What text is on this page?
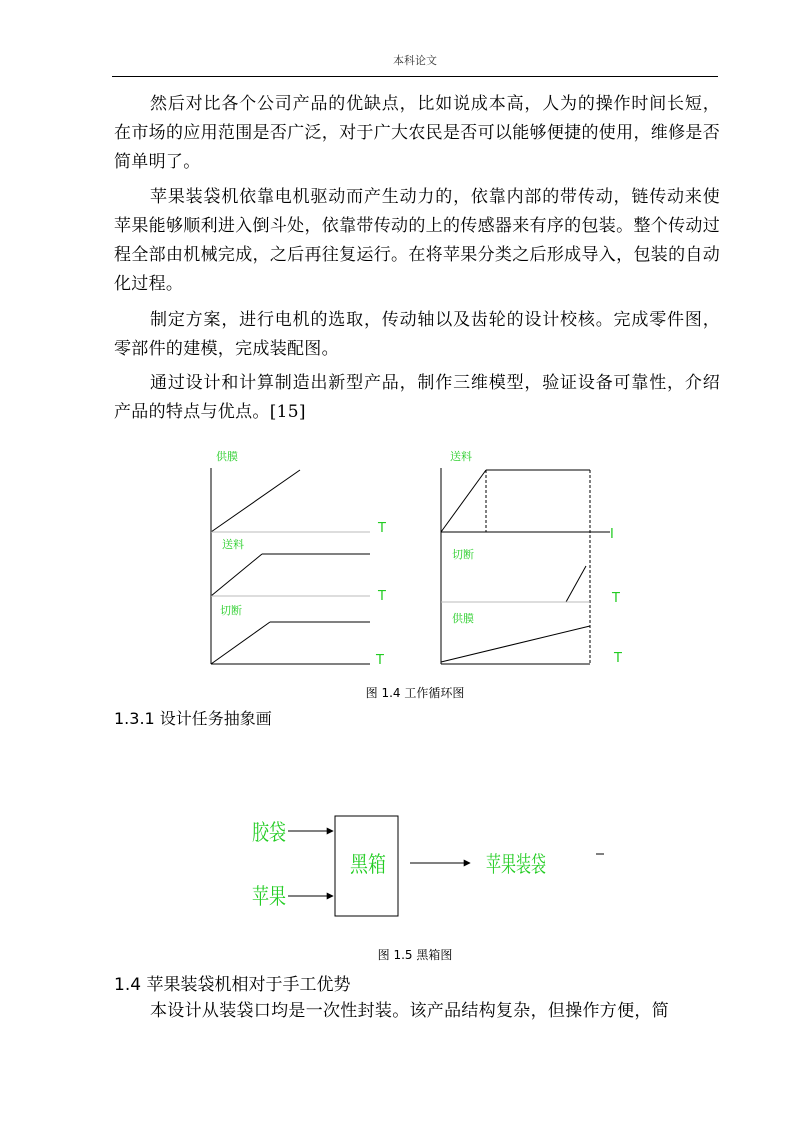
本科论文

然后对比各个公司产品的优缺点，比如说成本高，人为的操作时间长短，在市场的应用范围是否广泛，对于广大农民是否可以能够便捷的使用，维修是否简单明了。

苹果装袋机依靠电机驱动而产生动力的，依靠内部的带传动，链传动来使苹果能够顺利进入倒斗处，依靠带传动的上的传感器来有序的包装。整个传动过程全部由机械完成，之后再往复运行。在将苹果分类之后形成导入，包装的自动化过程。

制定方案，进行电机的选取，传动轴以及齿轮的设计校核。完成零件图，零部件的建模，完成装配图。

通过设计和计算制造出新型产品，制作三维模型，验证设备可靠性，介绍产品的特点与优点。[15]

供膜
送料
切断
T
T
T
送料
切断
供膜
I
T
T
图 1.4 工作循环图
1.3.1 设计任务抽象画
胶袋
苹果
黑箱	苹果装袋
图 1.5 黑箱图
1.4 苹果装袋机相对于手工优势

本设计从装袋口均是一次性封装。该产品结构复杂，但操作方便，简
